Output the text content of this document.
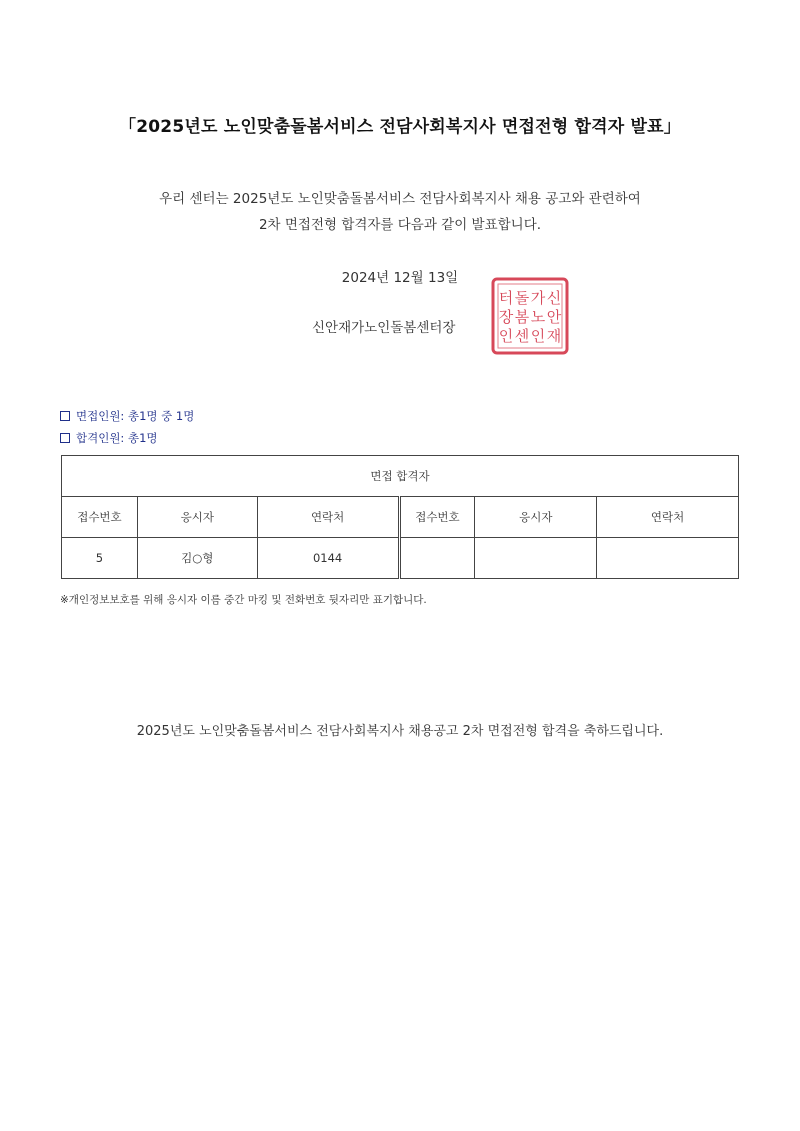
「2025년도 노인맞춤돌봄서비스 전담사회복지사 면접전형 합격자 발표」
우리 센터는 2025년도 노인맞춤돌봄서비스 전담사회복지사 채용 공고와 관련하여
2차 면접전형 합격자를 다음과 같이 발표합니다.
2024년 12월 13일
신안재가노인돌봄센터장
신
안
재
가
노
인
돌
봄
센
터
장
인
면접인원: 총1명 중 1명
합격인원: 총1명
면접 합격자					
접수번호	응시자	연락처	접수번호	응시자	연락처
5	김○형	0144			
※개인정보보호를 위해 응시자 이름 중간 마킹 및 전화번호 뒷자리만 표기합니다.
2025년도 노인맞춤돌봄서비스 전담사회복지사 채용공고 2차 면접전형 합격을 축하드립니다.
